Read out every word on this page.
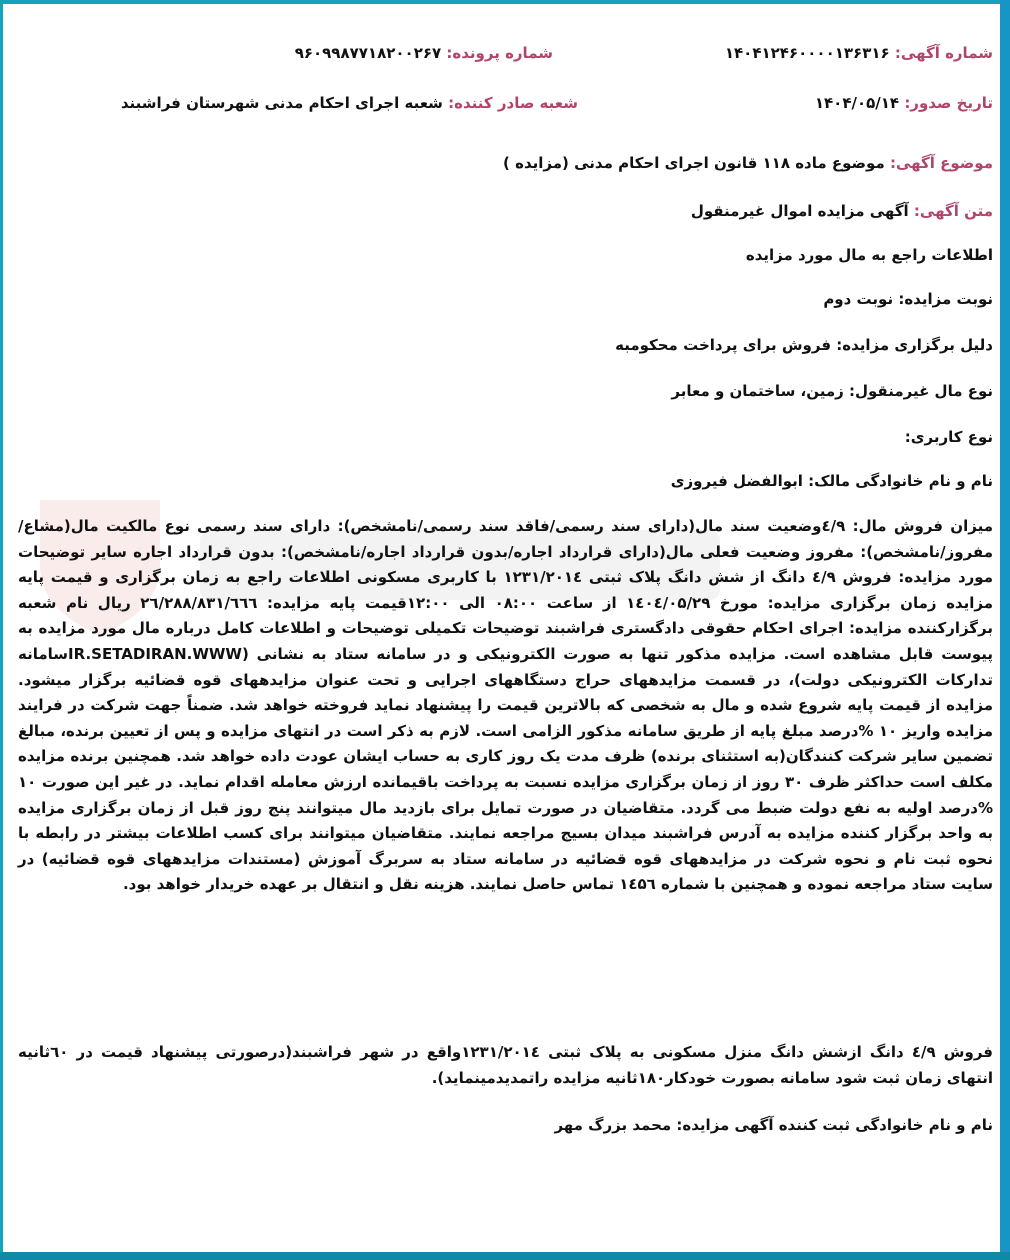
شماره آگهی: ۱۴۰۴۱۲۴۶۰۰۰۰۱۳۶۳۱۶
شماره پرونده: ۹۶۰۹۹۸۷۷۱۸۲۰۰۲۶۷
تاریخ صدور: ۱۴۰۴/۰۵/۱۴
شعبه صادر کننده: شعبه اجرای احکام مدنی شهرستان فراشبند
موضوع آگهی: موضوع ماده ۱۱۸ قانون اجرای احکام مدنی (مزایده )
متن آگهی: آگهی مزایده اموال غیرمنقول
اطلاعات راجع به مال مورد مزایده
نوبت مزایده: نوبت دوم
دلیل برگزاری مزایده: فروش برای پرداخت محکومبه
نوع مال غیرمنقول: زمین، ساختمان و معابر
نوع کاربری:
نام و نام خانوادگی مالک: ابوالفضل فیروزی
میزان فروش مال: ٤/٩وضعیت سند مال(دارای سند رسمی/فاقد سند رسمی/نامشخص): دارای سند رسمی نوع مالکیت مال(مشاع/مفروز/نامشخص): مفروز وضعیت فعلی مال(دارای قرارداد اجاره/بدون قرارداد اجاره/نامشخص): بدون قرارداد اجاره سایر توضیحات مورد مزایده: فروش ٤/٩ دانگ از شش دانگ پلاک ثبتی ۱۲۳۱/۲۰۱٤ با کاربری مسکونی اطلاعات راجع به زمان برگزاری و قیمت پایه مزایده زمان برگزاری مزایده: مورخ ۱٤۰٤/۰۵/۲۹ از ساعت ۰۸:۰۰ الی ۱۲:۰۰قیمت پایه مزایده: ۲٦/۲۸۸/۸۳۱/٦٦٦ ریال نام شعبه برگزارکننده مزایده: اجرای احکام حقوقی دادگستری فراشبند توضیحات تکمیلی توضیحات و اطلاعات کامل درباره مال مورد مزایده به پیوست قابل مشاهده است. مزایده مذکور تنها به صورت الکترونیکی و در سامانه ستاد به نشانی (IR.SETADIRAN.WWW‏سامانه تدارکات الکترونیکی دولت)، در قسمت مزایدههای حراج دستگاههای اجرایی و تحت عنوان مزایدههای قوه قضائیه برگزار میشود. مزایده از قیمت پایه شروع شده و مال به شخصی که بالاترین قیمت را پیشنهاد نماید فروخته خواهد شد. ضمناً جهت شرکت در فرایند مزایده واریز ۱۰ %درصد مبلغ پایه از طریق سامانه مذکور الزامی است. لازم به ذکر است در انتهای مزایده و پس از تعیین برنده، مبالغ تضمین سایر شرکت کنندگان(به استثنای برنده) ظرف مدت یک روز کاری به حساب ایشان عودت داده خواهد شد. همچنین برنده مزایده مکلف است حداکثر ظرف ۳۰ روز از زمان برگزاری مزایده نسبت به پرداخت باقیمانده ارزش معامله اقدام نماید. در غیر این صورت ۱۰ %درصد اولیه به نفع دولت ضبط می گردد. متقاضیان در صورت تمایل برای بازدید مال میتوانند پنج روز قبل از زمان برگزاری مزایده به واحد برگزار کننده مزایده به آدرس فراشبند میدان بسیج مراجعه نمایند. متقاضیان میتوانند برای کسب اطلاعات بیشتر در رابطه با نحوه ثبت نام و نحوه شرکت در مزایدههای قوه قضائیه در سامانه ستاد به سربرگ آموزش (مستندات مزایدههای قوه قضائیه) در سایت ستاد مراجعه نموده و همچنین با شماره ۱٤۵٦ تماس حاصل نمایند. هزینه نقل و انتقال بر عهده خریدار خواهد بود.
فروش ٤/٩ دانگ ازشش دانگ منزل مسکونی به پلاک ثبتی ۱۲۳۱/۲۰۱٤واقع در شهر فراشبند(درصورتی پیشنهاد قیمت در ٦۰ثانیه انتهای زمان ثبت شود سامانه بصورت خودکار۱۸۰ثانیه مزایده راتمدیدمینماید).
نام و نام خانوادگی ثبت کننده آگهی مزایده: محمد بزرگ مهر
